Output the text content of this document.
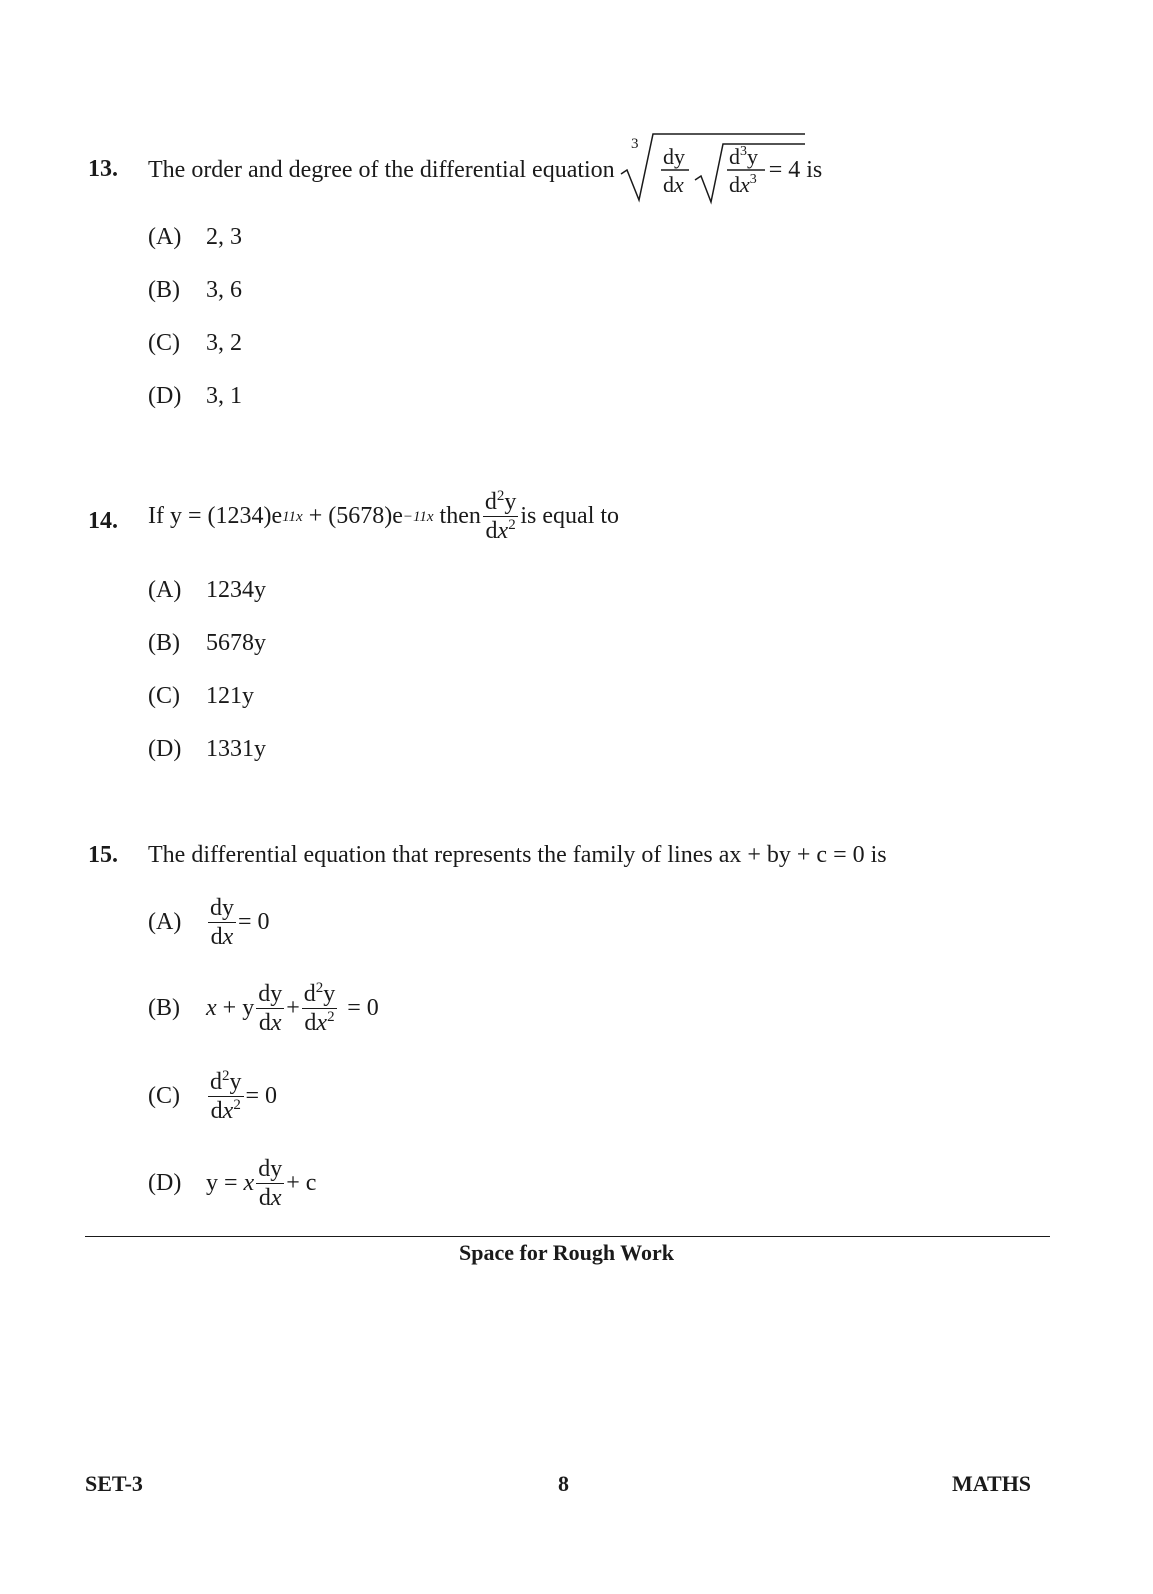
13. The order and degree of the differential equation
3 dy
dx
$d^3y$
$dx^3 = 4$ is
(A)	2, 3
(B)	3, 6
(C)	3, 2
(D)	3, 1
14. If y = (1234)e 11x + (5678)e −11x then $\frac{d^2y}{dx^2}$ is equal to
(A)	1234y
(B)	5678y
(C)	121y
(D)	1331y
15. The differential equation that represents the family of lines ax + by + c = 0 is
(A)	$\frac{dy}{dx} = 0$
(B)	x + y $\frac{dy}{dx} + \frac{d^2y}{dx^2} = 0$
(C)	$\frac{d^2y}{dx^2} = 0$
(D)	y = x $\frac{dy}{dx} + c$
Space for Rough Work
SET-3	8	MATHS
